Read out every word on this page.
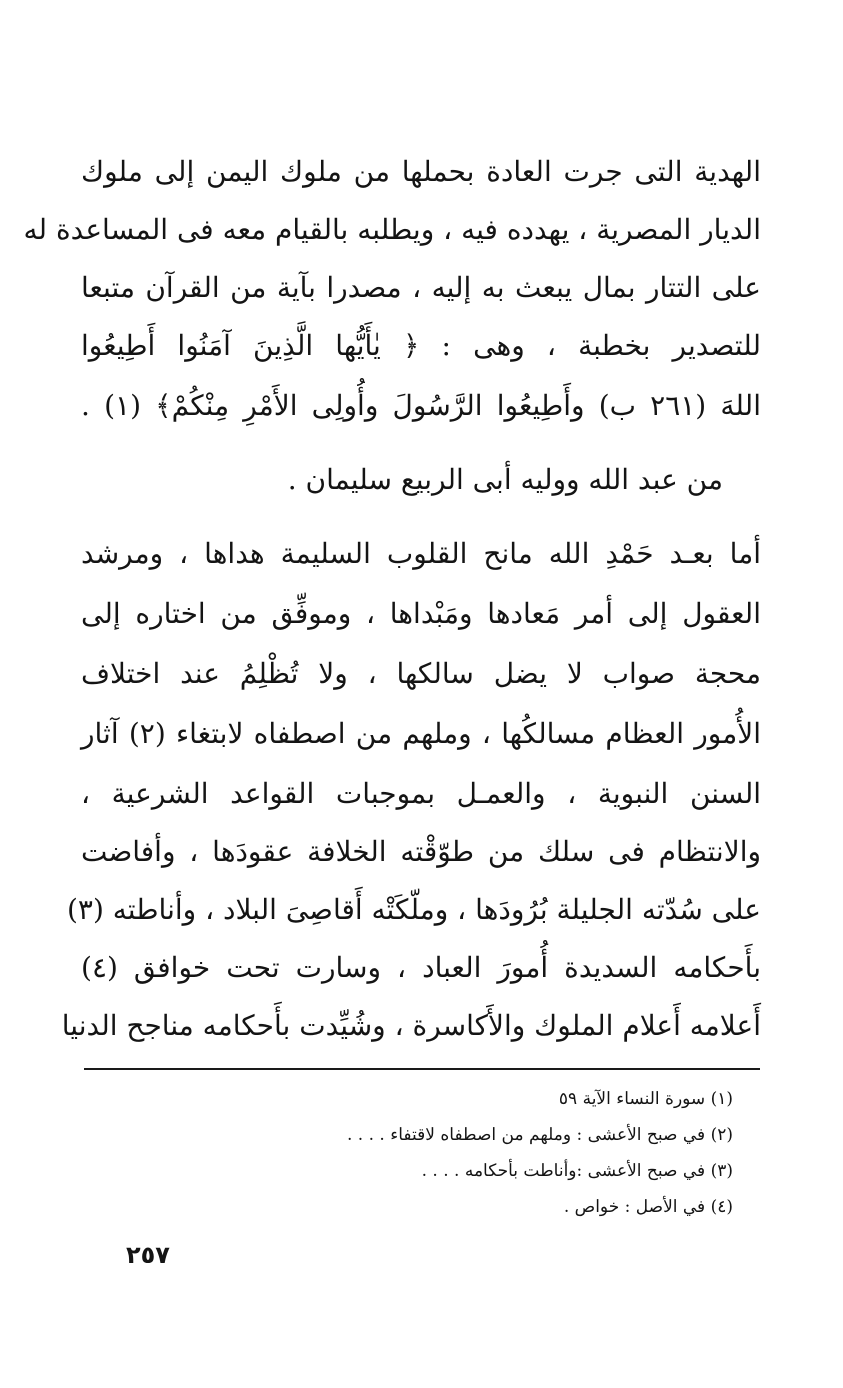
الهدية التى جرت العادة بحملها من ملوك اليمن إلى ملوك
الديار المصرية ، يهدده فيه ، ويطلبه بالقيام معه فى المساعدة له
على التتار بمال يبعث به إليه ، مصدرا بآية من القرآن متبعا
للتصدير بخطبة ، وهى : ﴿ يٰأَيُّها الَّذِينَ آمَنُوا أَطِيعُوا
اللهَ (٢٦١ ب) وأَطِيعُوا الرَّسُولَ وأُولِى الأَمْرِ مِنْكُمْ﴾ (١) .
من عبد الله ووليه أبى الربيع سليمان .
أما بعـد حَمْدِ الله مانح القلوب السليمة هداها ، ومرشد
العقول إلى أمر مَعادها ومَبْداها ، وموفِّق من اختاره إلى
محجة صواب لا يضل سالكها ، ولا تُظْلِمُ عند اختلاف
الأُمور العظام مسالكُها ، وملهم من اصطفاه لابتغاء (٢) آثار
السنن النبوية ، والعمـل بموجبات القواعد الشرعية ،
والانتظام فى سلك من طوّقْته الخلافة عقودَها ، وأفاضت
على سُدّته الجليلة بُرُودَها ، وملّكَتْه أَقاصِىَ البلاد ، وأناطته (٣)
بأَحكامه السديدة أُمورَ العباد ، وسارت تحت خوافق (٤)
أَعلامه أَعلام الملوك والأَكاسرة ، وشُيِّدت بأَحكامه مناجح الدنيا
(١) سورة النساء الآية ٥٩
(٢) في صبح الأعشى : وملهم من اصطفاه لاقتفاء . . . .
(٣) في صبح الأعشى :وأناطت بأحكامه . . . .
(٤) في الأصل : خواص .
٢٥٧
